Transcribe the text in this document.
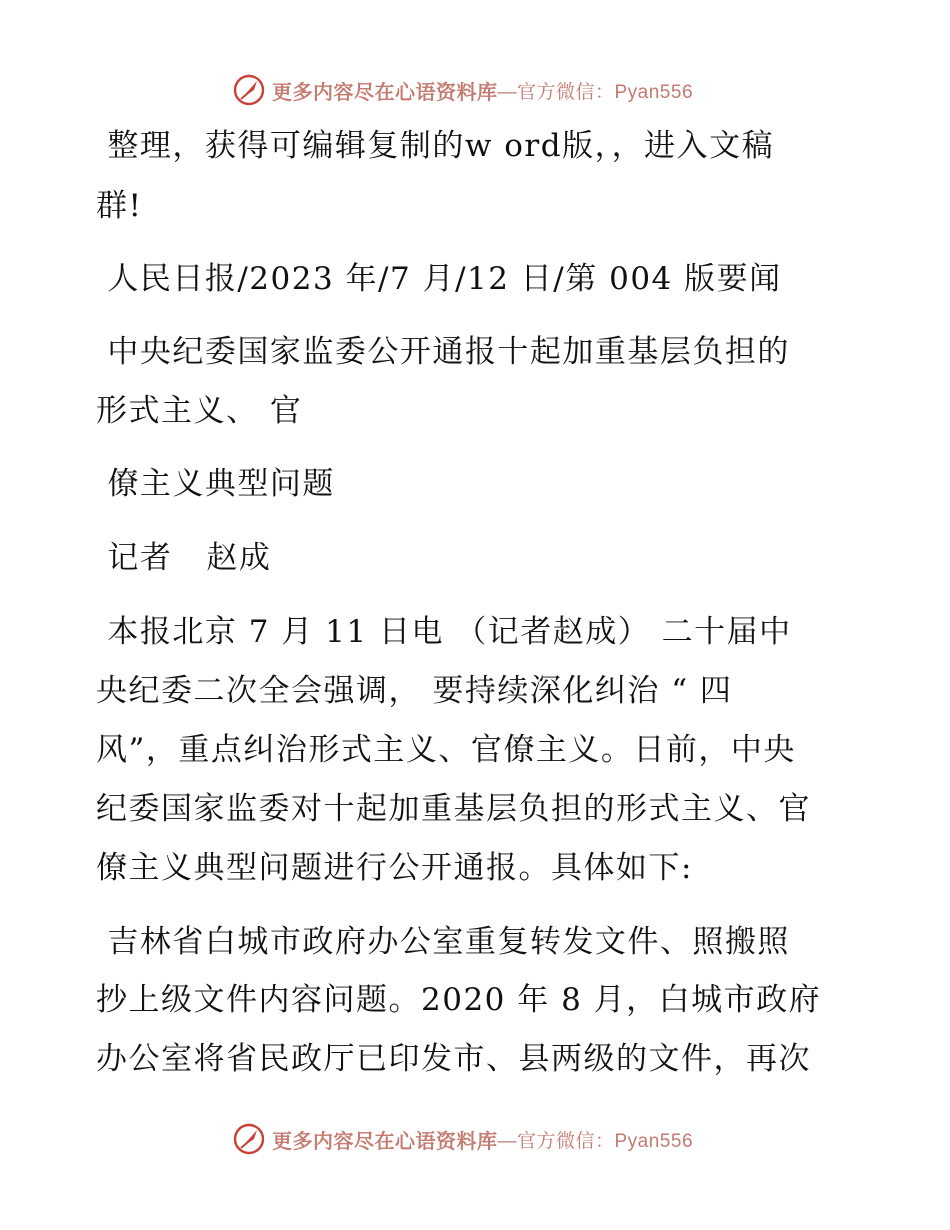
更多内容尽在心语资料库 —官方微信：Pyan556
整理，获得可编辑复制的w ord版，，进入文稿
群!
人民日报/2023 年/7 月/12 日/第 004 版要闻
中央纪委国家监委公开通报十起加重基层负担的
形式主义、 官
僚主义典型问题
记者   赵成
本报北京 7 月 11 日电 （记者赵成） 二十届中
央纪委二次全会强调， 要持续深化纠治 “ 四
风”，重点纠治形式主义、官僚主义。日前，中央
纪委国家监委对十起加重基层负担的形式主义、官
僚主义典型问题进行公开通报。具体如下:
吉林省白城市政府办公室重复转发文件、照搬照
抄上级文件内容问题。2020 年 8 月，白城市政府
办公室将省民政厅已印发市、县两级的文件，再次
更多内容尽在心语资料库 —官方微信：Pyan556
